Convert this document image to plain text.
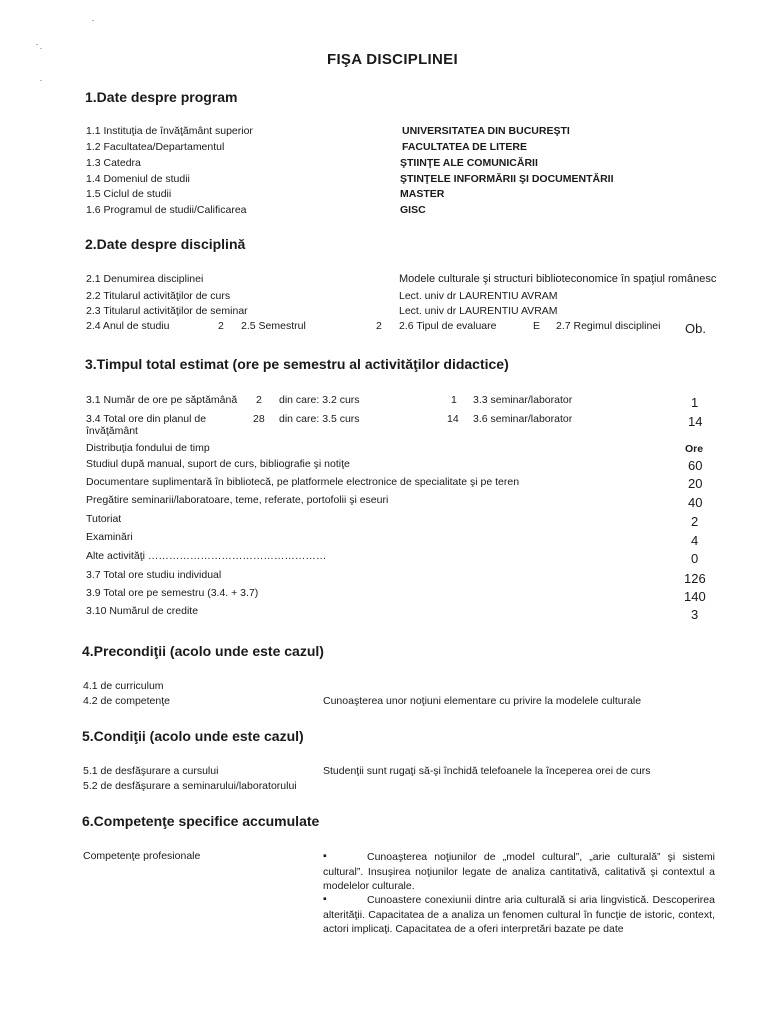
FIŞA DISCIPLINEI
1.Date despre program
1.1 Instituţia de învăţământ superior	UNIVERSITATEA DIN BUCUREŞTI
1.2 Facultatea/Departamentul	FACULTATEA DE LITERE
1.3 Catedra	ŞTIINŢE ALE COMUNICĂRII
1.4 Domeniul de studii	ŞTINŢELE INFORMĂRII ŞI DOCUMENTĂRII
1.5 Ciclul de studii	MASTER
1.6 Programul de studii/Calificarea	GISC
2.Date despre disciplină
2.1 Denumirea disciplinei	Modele culturale şi structuri biblioteconomice în spaţiul românesc
2.2 Titularul activităţilor de curs	Lect. univ dr LAURENTIU AVRAM
2.3 Titularul activităţilor de seminar	Lect. univ dr LAURENTIU AVRAM
2.4 Anul de studiu	2 2.5 Semestrul	2 2.6 Tipul de evaluare	E 2.7 Regimul disciplinei Ob.
3.Timpul total estimat (ore pe semestru al activităţilor didactice)
3.1 Număr de ore pe săptămână 2 din care: 3.2 curs	1 3.3 seminar/laborator	1
3.4 Total ore din planul de
învăţământ
28 din care: 3.5 curs	14 3.6 seminar/laborator	14
Distribuţia fondului de timp	Ore
Studiul după manual, suport de curs, bibliografie şi notiţe	60
Documentare suplimentară în bibliotecă, pe platformele electronice de specialitate şi pe teren	20
Pregătire seminarii/laboratoare, teme, referate, portofolii şi eseuri	40
Tutoriat	2
Examinări	4
Alte activităţi ……………………………………………	0
3.7 Total ore studiu individual	126
3.9 Total ore pe semestru (3.4. + 3.7)	140
3.10 Numărul de credite	3
4.Precondiţii (acolo unde este cazul)
4.1 de curriculum
4.2 de competenţe	Cunoaşterea unor noţiuni elementare cu privire la modelele culturale
5.Condiţii (acolo unde este cazul)
5.1 de desfăşurare a cursului	Studenţii sunt rugaţi să-şi închidă telefoanele la începerea orei de curs
5.2 de desfăşurare a seminarului/laboratorului
6.Competenţe specifice accumulate
Competenţe profesionale	▪	Cunoaşterea noţiunilor de „model cultural”, „arie culturală” şi sistemi cultural”. Insuşirea noţiunilor legate de analiza cantitativă, calitativă şi contextul a modelelor culturale.
▪	Cunoastere conexiunii dintre aria culturală si aria lingvistică. Descoperirea alterităţii. Capacitatea de a analiza un fenomen cultural în funcţie de istoric, context, actori implicaţi. Capacitatea de a oferi interpretări bazate pe date
